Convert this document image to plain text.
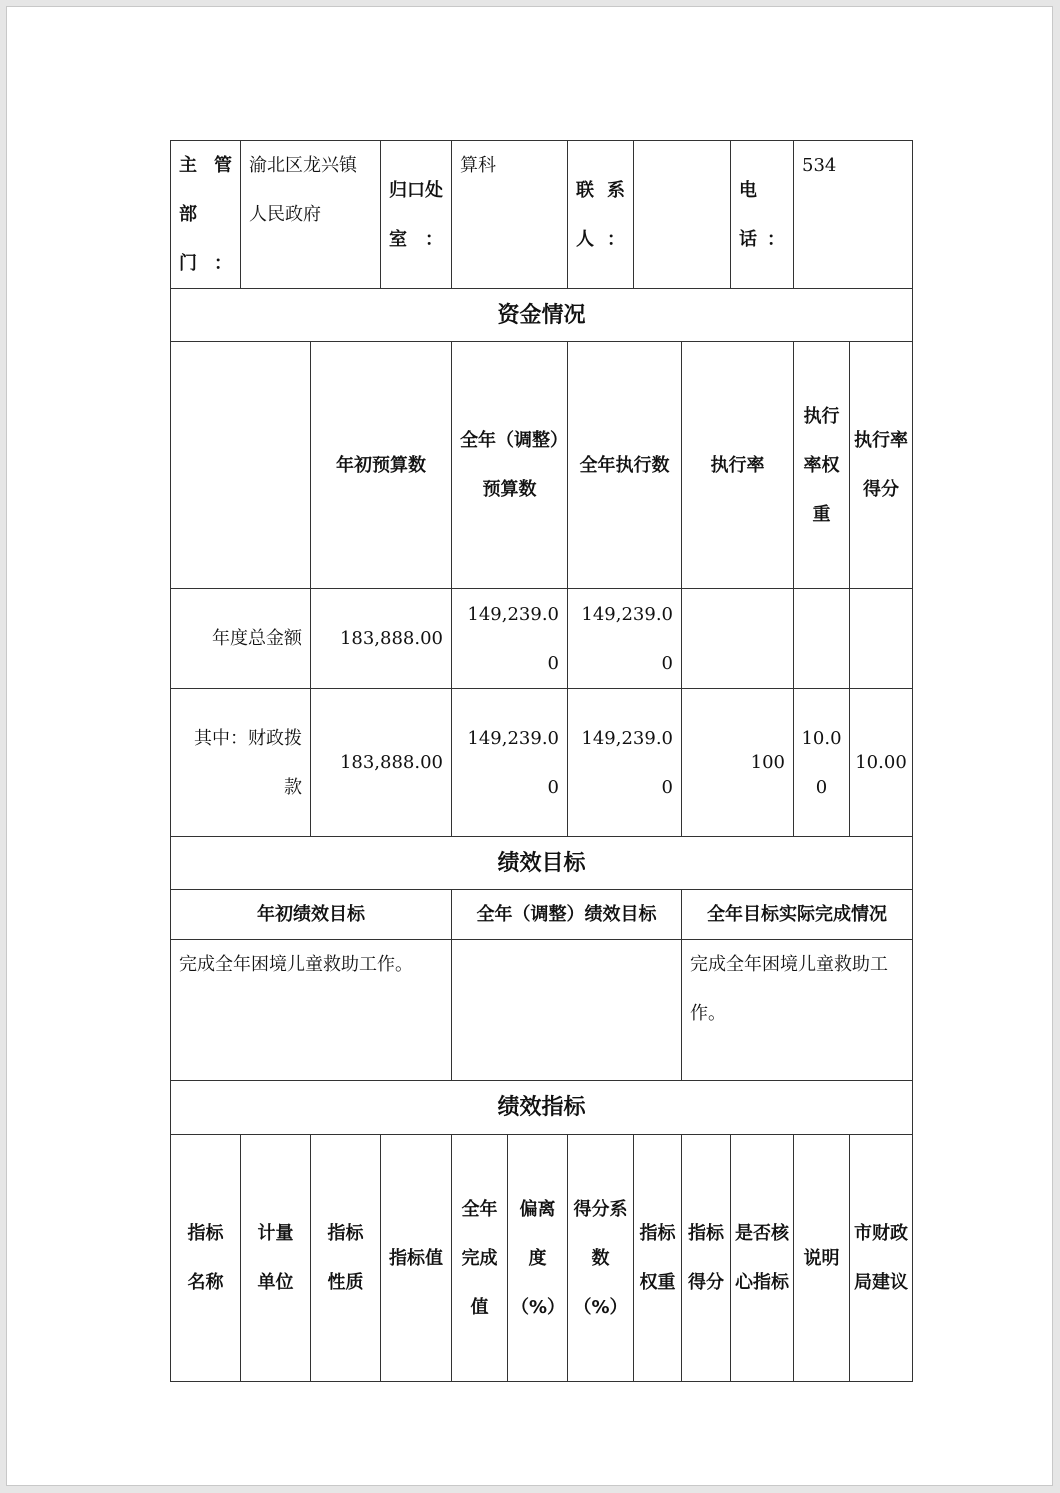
主管部门：	渝北区龙兴镇人民政府		归口处室：	算科		联系人：			电话：	534	
资金情况											
		年初预算数		全年（调整）预算数		全年执行数		执行率		执行率权重	执行率得分
年度总金额		183,888.00		149,239.00		149,239.00					
其中：财政拨款		183,888.00		149,239.00		149,239.00		100		10.00	10.00
绩效目标											
年初绩效目标				全年（调整）绩效目标				全年目标实际完成情况			
完成全年困境儿童救助工作。								完成全年困境儿童救助工作。			
绩效指标											
指标名称	计量单位	指标性质	指标值	全年完成值	偏离度（%）	得分系数（%）	指标权重	指标得分	是否核心指标	说明	市财政局建议
